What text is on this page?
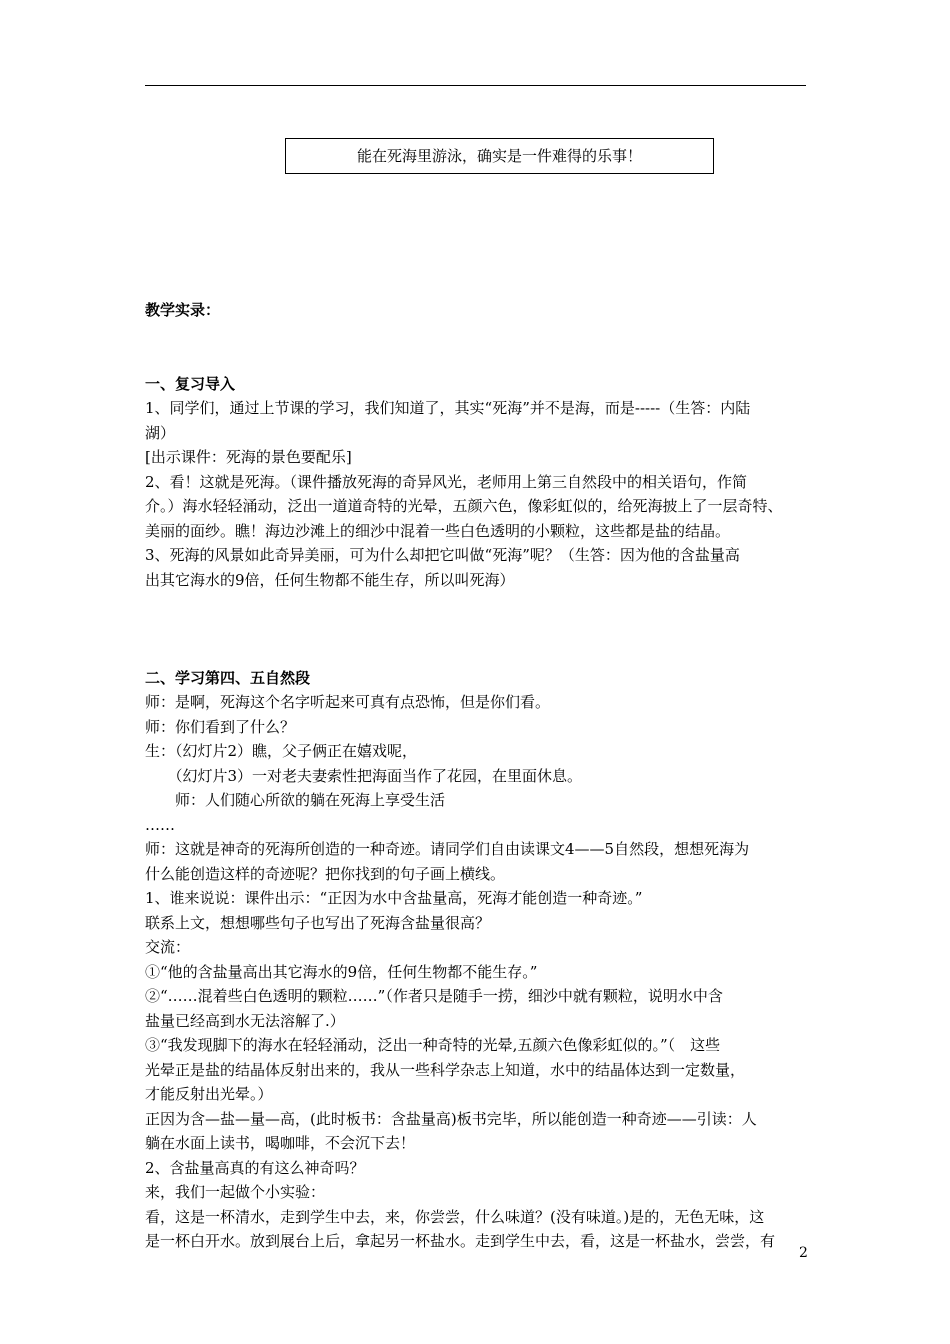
能在死海里游泳，确实是一件难得的乐事！

教学实录：

一、复习导入

1、同学们，通过上节课的学习，我们知道了，其实“死海”并不是海，而是-----（生答：内陆

湖）

[出示课件：死海的景色要配乐]

2、看！这就是死海。（课件播放死海的奇异风光，老师用上第三自然段中的相关语句，作简

介。）海水轻轻涌动，泛出一道道奇特的光晕，五颜六色，像彩虹似的，给死海披上了一层奇特、

美丽的面纱。瞧！海边沙滩上的细沙中混着一些白色透明的小颗粒，这些都是盐的结晶。

3、死海的风景如此奇异美丽，可为什么却把它叫做“死海”呢？（生答：因为他的含盐量高

出其它海水的9倍，任何生物都不能生存，所以叫死海）

二、学习第四、五自然段

师：是啊，死海这个名字听起来可真有点恐怖，但是你们看。

师：你们看到了什么？

生：（幻灯片2）瞧，父子俩正在嬉戏呢，

　　（幻灯片3）一对老夫妻索性把海面当作了花园，在里面休息。

　　师：人们随心所欲的躺在死海上享受生活

……

师：这就是神奇的死海所创造的一种奇迹。请同学们自由读课文4——5自然段，想想死海为

什么能创造这样的奇迹呢？把你找到的句子画上横线。

1、谁来说说：课件出示：“正因为水中含盐量高，死海才能创造一种奇迹。”

联系上文，想想哪些句子也写出了死海含盐量很高？

交流：

①“他的含盐量高出其它海水的9倍，任何生物都不能生存。”

②“……混着些白色透明的颗粒……”（作者只是随手一捞，细沙中就有颗粒，说明水中含

盐量已经高到水无法溶解了.）

③“我发现脚下的海水在轻轻涌动，泛出一种奇特的光晕,五颜六色像彩虹似的。”（　这些

光晕正是盐的结晶体反射出来的，我从一些科学杂志上知道，水中的结晶体达到一定数量，

才能反射出光晕。）

正因为含—盐—量—高，(此时板书：含盐量高)板书完毕，所以能创造一种奇迹——引读：人

躺在水面上读书，喝咖啡，不会沉下去！

2、含盐量高真的有这么神奇吗？

来，我们一起做个小实验：

看，这是一杯清水，走到学生中去，来，你尝尝，什么味道？(没有味道。)是的，无色无味，这

是一杯白开水。放到展台上后，拿起另一杯盐水。走到学生中去，看，这是一杯盐水，尝尝，有

2
